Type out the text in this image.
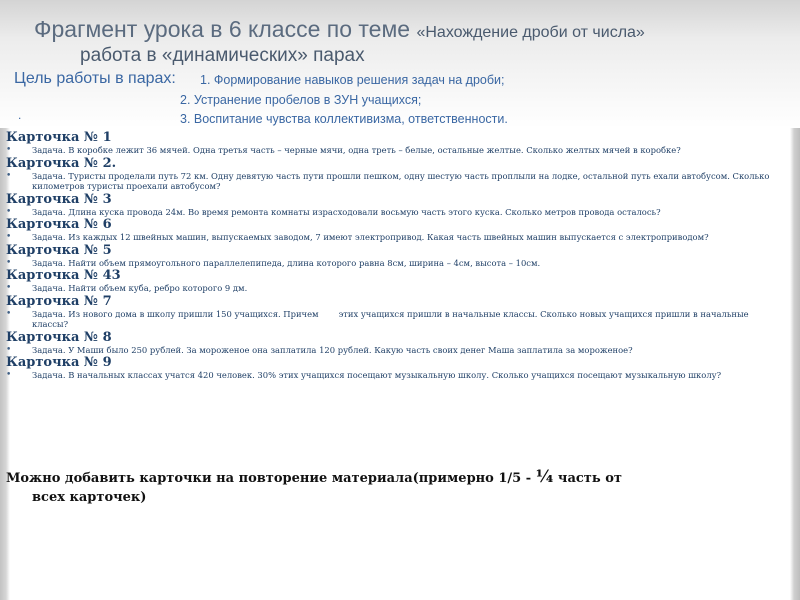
Фрагмент урока в 6 классе по теме «Нахождение дроби от числа»
работа в «динамических» парах
Цель работы в парах: 1. Формирование навыков решения задач на дроби;
2. Устранение пробелов в ЗУН учащихся;
.	3. Воспитание чувства коллективизма, ответственности.
Карточка № 1
• Задача. В коробке лежит 36 мячей. Одна третья часть – черные мячи, одна треть – белые, остальные желтые. Сколько желтых мячей в коробке?
Карточка № 2.
• Задача. Туристы проделали путь 72 км. Одну девятую часть пути прошли пешком, одну шестую часть проплыли на лодке, остальной путь ехали автобусом. Сколько километров туристы проехали автобусом?
Карточка № 3
• Задача. Длина куска провода 24м. Во время ремонта комнаты израсходовали восьмую часть этого куска. Сколько метров провода осталось?
Карточка № 6
• Задача. Из каждых 12 швейных машин, выпускаемых заводом, 7 имеют электропривод. Какая часть швейных машин выпускается с электроприводом?
Карточка № 5
• Задача. Найти объем прямоугольного параллелепипеда, длина которого равна 8см, ширина – 4см, высота – 10см.
Карточка № 43
• Задача. Найти объем куба, ребро которого 9 дм.
Карточка № 7
• Задача. Из нового дома в школу пришли 150 учащихся. Причем этих учащихся пришли в начальные классы. Сколько новых учащихся пришли в начальные классы?
Карточка № 8
• Задача. У Маши было 250 рублей. За мороженое она заплатила 120 рублей. Какую часть своих денег Маша заплатила за мороженое?
Карточка № 9
• Задача. В начальных классах учатся 420 человек. 30% этих учащихся посещают музыкальную школу. Сколько учащихся посещают музыкальную школу?
Можно добавить карточки на повторение материала(примерно 1/5 - ¼ часть от
всех карточек)
